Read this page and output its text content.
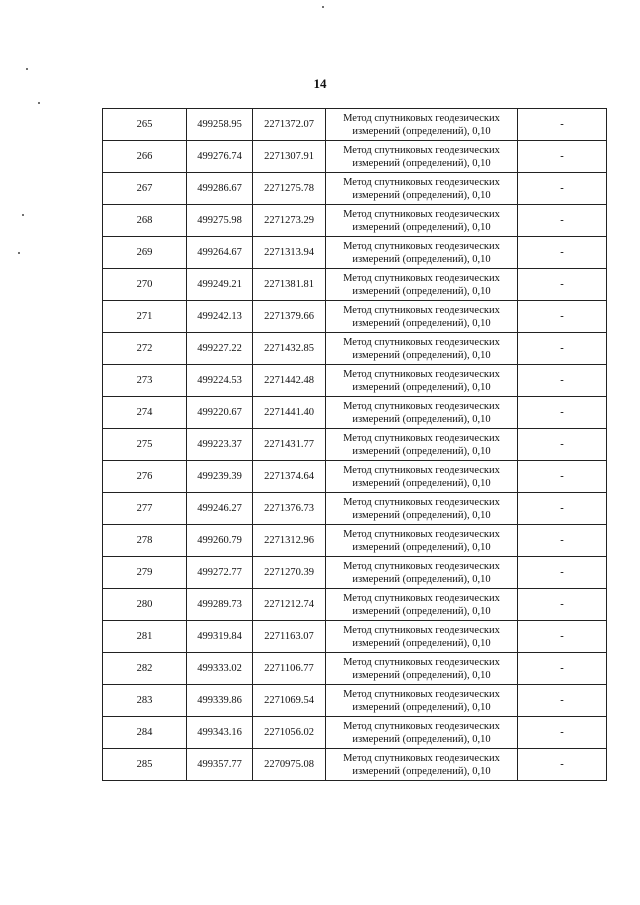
14
265	499258.95	2271372.07	Метод спутниковых геодезических
измерений (определений), 0,10	-
266	499276.74	2271307.91	Метод спутниковых геодезических
измерений (определений), 0,10	-
267	499286.67	2271275.78	Метод спутниковых геодезических
измерений (определений), 0,10	-
268	499275.98	2271273.29	Метод спутниковых геодезических
измерений (определений), 0,10	-
269	499264.67	2271313.94	Метод спутниковых геодезических
измерений (определений), 0,10	-
270	499249.21	2271381.81	Метод спутниковых геодезических
измерений (определений), 0,10	-
271	499242.13	2271379.66	Метод спутниковых геодезических
измерений (определений), 0,10	-
272	499227.22	2271432.85	Метод спутниковых геодезических
измерений (определений), 0,10	-
273	499224.53	2271442.48	Метод спутниковых геодезических
измерений (определений), 0,10	-
274	499220.67	2271441.40	Метод спутниковых геодезических
измерений (определений), 0,10	-
275	499223.37	2271431.77	Метод спутниковых геодезических
измерений (определений), 0,10	-
276	499239.39	2271374.64	Метод спутниковых геодезических
измерений (определений), 0,10	-
277	499246.27	2271376.73	Метод спутниковых геодезических
измерений (определений), 0,10	-
278	499260.79	2271312.96	Метод спутниковых геодезических
измерений (определений), 0,10	-
279	499272.77	2271270.39	Метод спутниковых геодезических
измерений (определений), 0,10	-
280	499289.73	2271212.74	Метод спутниковых геодезических
измерений (определений), 0,10	-
281	499319.84	2271163.07	Метод спутниковых геодезических
измерений (определений), 0,10	-
282	499333.02	2271106.77	Метод спутниковых геодезических
измерений (определений), 0,10	-
283	499339.86	2271069.54	Метод спутниковых геодезических
измерений (определений), 0,10	-
284	499343.16	2271056.02	Метод спутниковых геодезических
измерений (определений), 0,10	-
285	499357.77	2270975.08	Метод спутниковых геодезических
измерений (определений), 0,10	-
